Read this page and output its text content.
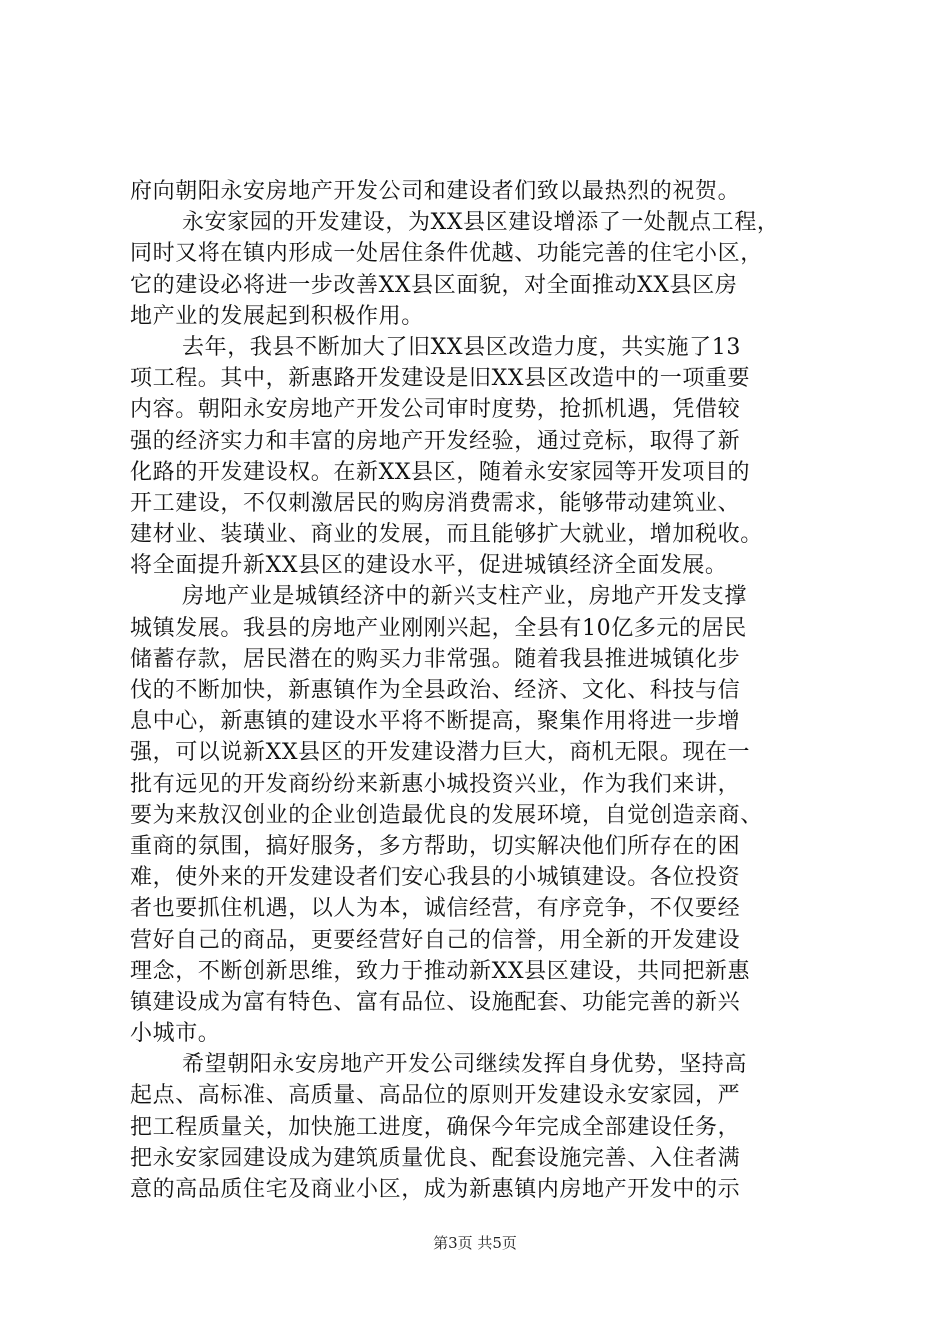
府向朝阳永安房地产开发公司和建设者们致以最热烈的祝贺。
永安家园的开发建设，为XX县区建设增添了一处靓点工程，
同时又将在镇内形成一处居住条件优越、功能完善的住宅小区，
它的建设必将进一步改善XX县区面貌，对全面推动XX县区房
地产业的发展起到积极作用。
去年，我县不断加大了旧XX县区改造力度，共实施了13
项工程。其中，新惠路开发建设是旧XX县区改造中的一项重要
内容。朝阳永安房地产开发公司审时度势，抢抓机遇，凭借较
强的经济实力和丰富的房地产开发经验，通过竞标，取得了新
化路的开发建设权。在新XX县区，随着永安家园等开发项目的
开工建设，不仅刺激居民的购房消费需求，能够带动建筑业、
建材业、装璜业、商业的发展，而且能够扩大就业，增加税收。
将全面提升新XX县区的建设水平，促进城镇经济全面发展。
房地产业是城镇经济中的新兴支柱产业，房地产开发支撑
城镇发展。我县的房地产业刚刚兴起，全县有10亿多元的居民
储蓄存款，居民潜在的购买力非常强。随着我县推进城镇化步
伐的不断加快，新惠镇作为全县政治、经济、文化、科技与信
息中心，新惠镇的建设水平将不断提高，聚集作用将进一步增
强，可以说新XX县区的开发建设潜力巨大，商机无限。现在一
批有远见的开发商纷纷来新惠小城投资兴业，作为我们来讲，
要为来敖汉创业的企业创造最优良的发展环境，自觉创造亲商、
重商的氛围，搞好服务，多方帮助，切实解决他们所存在的困
难，使外来的开发建设者们安心我县的小城镇建设。各位投资
者也要抓住机遇，以人为本，诚信经营，有序竞争，不仅要经
营好自己的商品，更要经营好自己的信誉，用全新的开发建设
理念，不断创新思维，致力于推动新XX县区建设，共同把新惠
镇建设成为富有特色、富有品位、设施配套、功能完善的新兴
小城市。
希望朝阳永安房地产开发公司继续发挥自身优势，坚持高
起点、高标准、高质量、高品位的原则开发建设永安家园，严
把工程质量关，加快施工进度，确保今年完成全部建设任务，
把永安家园建设成为建筑质量优良、配套设施完善、入住者满
意的高品质住宅及商业小区，成为新惠镇内房地产开发中的示
第3页 共5页
